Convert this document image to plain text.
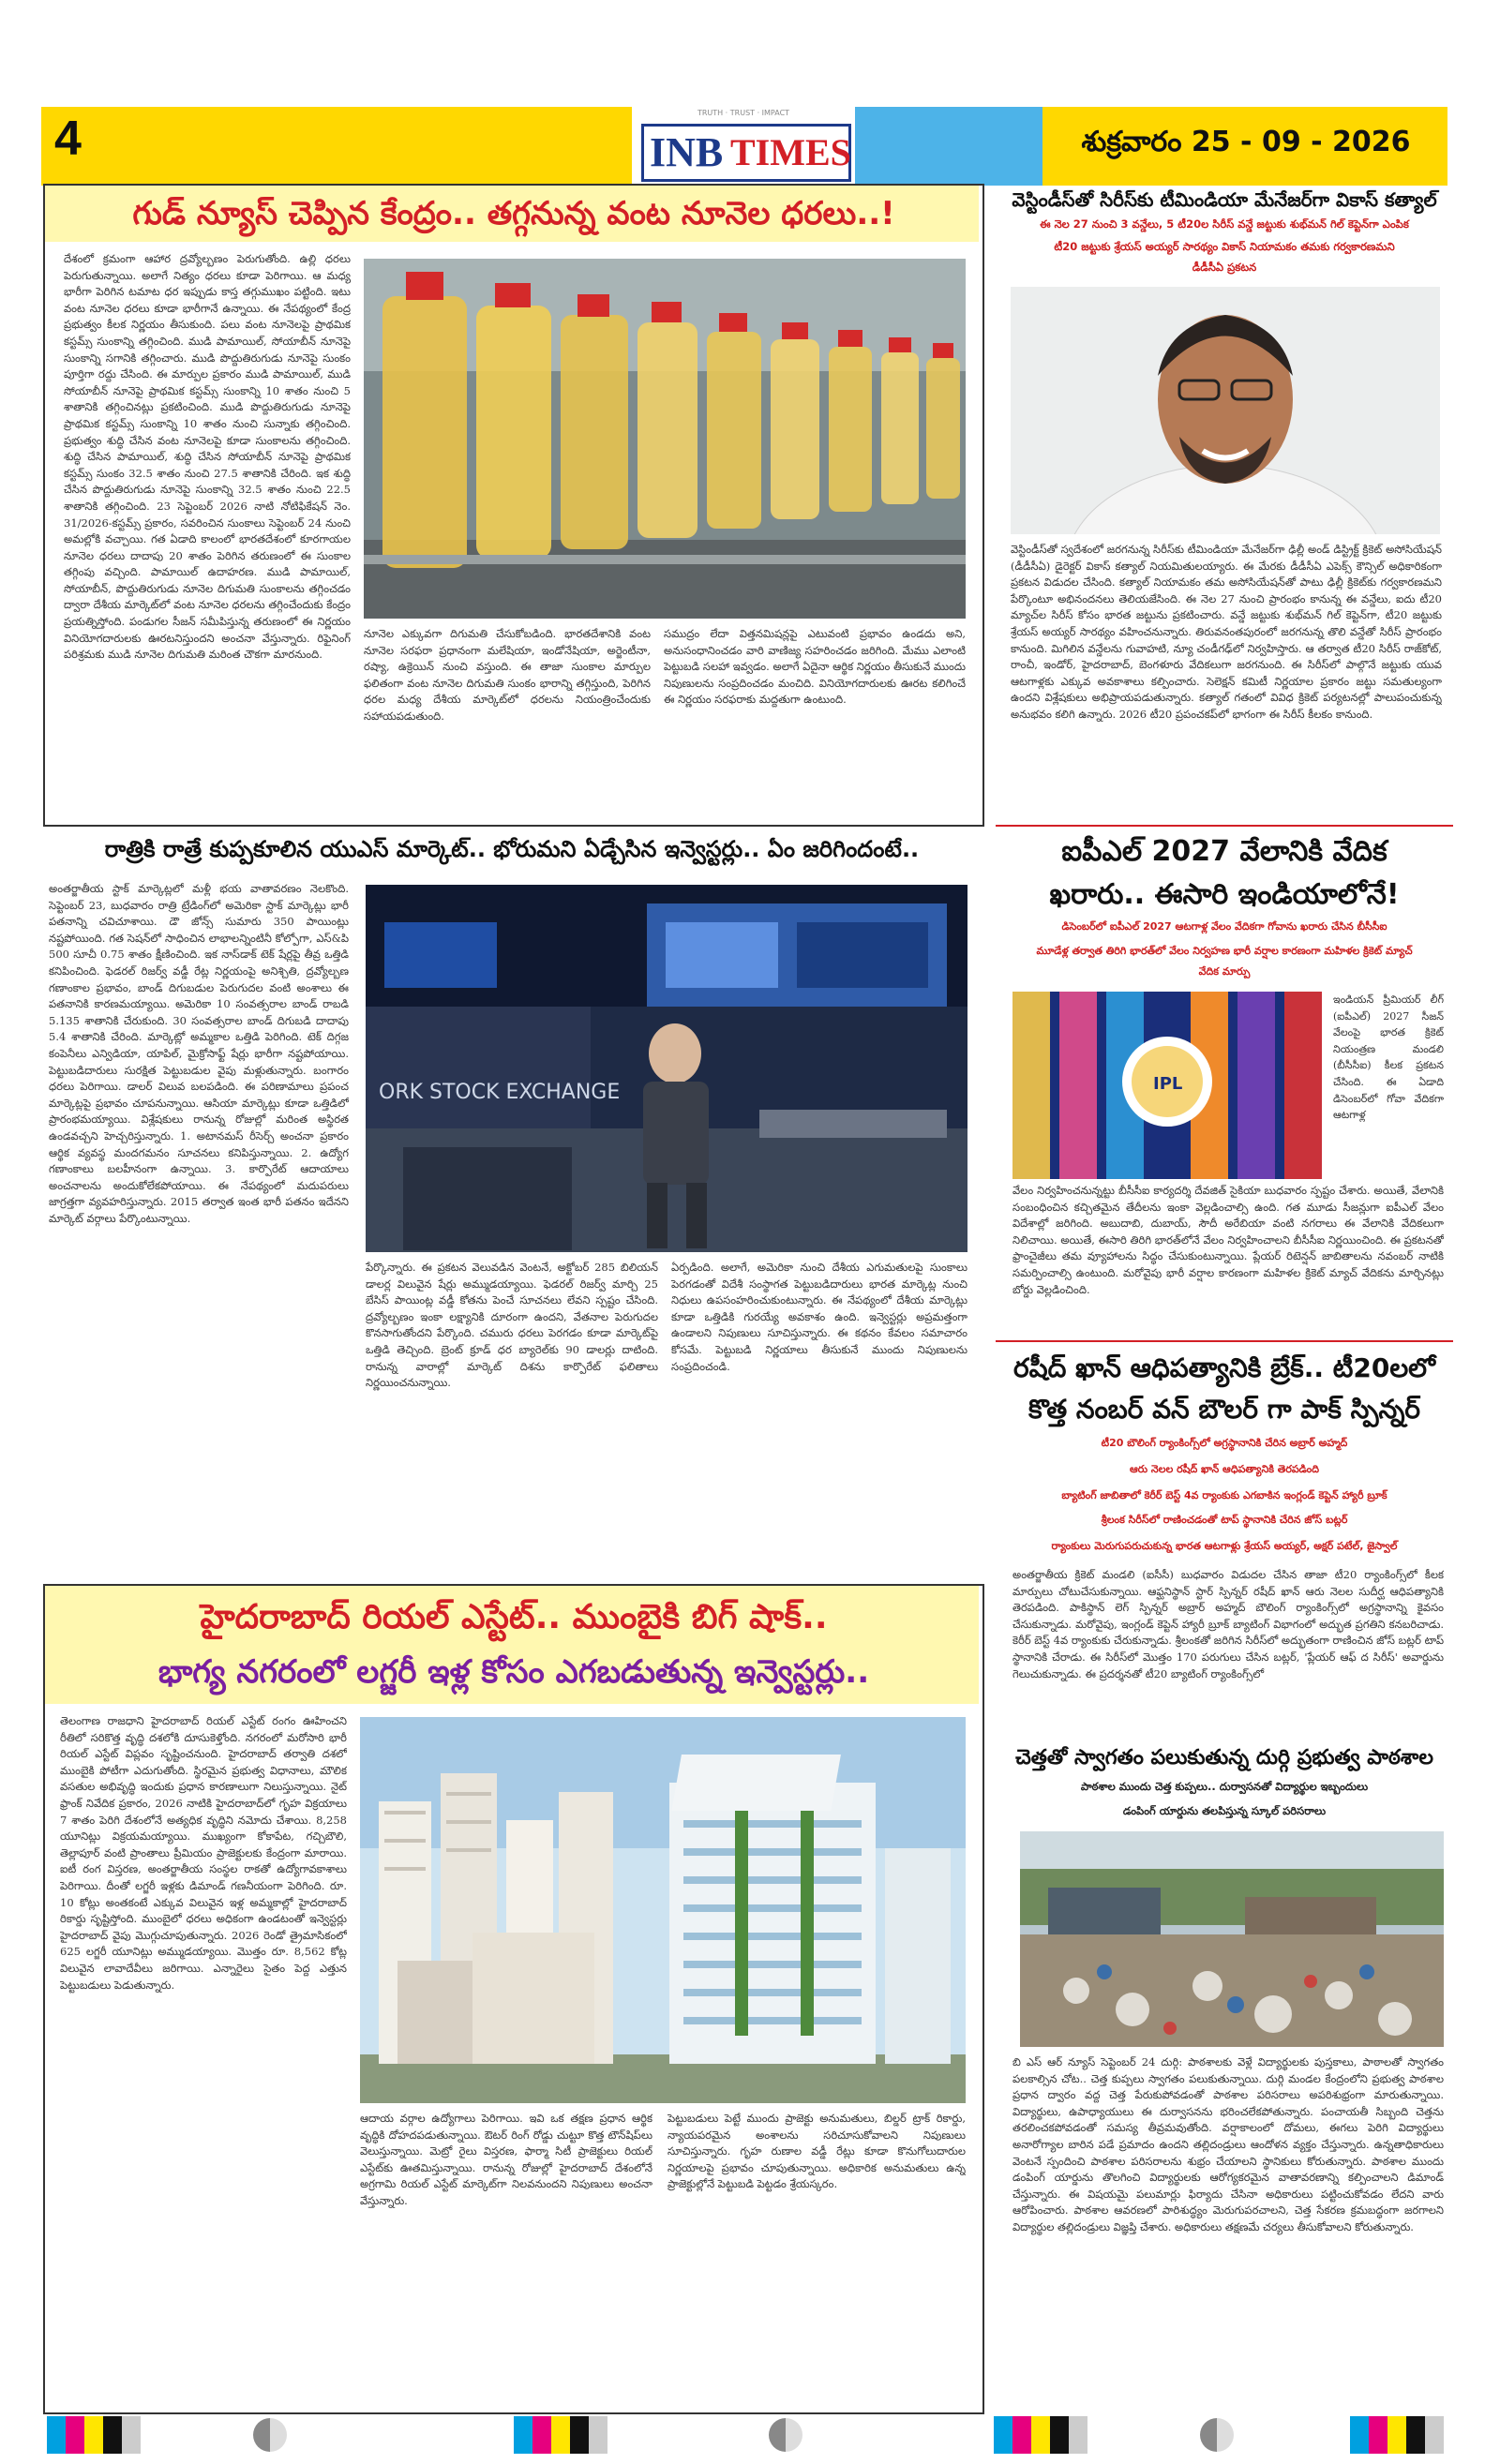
4	శుక్రవారం 25 - 09 - 2026
TRUTH · TRUST · IMPACT
INB TIMES
గుడ్ న్యూస్ చెప్పిన కేంద్రం.. తగ్గనున్న వంట నూనెల ధరలు..!
దేశంలో క్రమంగా ఆహార ద్రవ్యోల్బణం పెరుగుతోంది. ఉల్లి ధరలు పెరుగుతున్నాయి. అలాగే నిత్యం ధరలు కూడా పెరిగాయి. ఆ మధ్య భారీగా పెరిగిన టమాట ధర ఇప్పుడు కాస్త తగ్గుముఖం పట్టింది. ఇటు వంట నూనెల ధరలు కూడా భారీగానే ఉన్నాయి. ఈ నేపథ్యంలో కేంద్ర ప్రభుత్వం కీలక నిర్ణయం తీసుకుంది. పలు వంట నూనెలపై ప్రాథమిక కస్టమ్స్ సుంకాన్ని తగ్గించింది. ముడి పామాయిల్, సోయాబీన్ నూనెపై సుంకాన్ని సగానికి తగ్గించారు. ముడి పొద్దుతిరుగుడు నూనెపై సుంకం పూర్తిగా రద్దు చేసింది. ఈ మార్పుల ప్రకారం ముడి పామాయిల్, ముడి సోయాబీన్ నూనెపై ప్రాథమిక కస్టమ్స్ సుంకాన్ని 10 శాతం నుంచి 5 శాతానికి తగ్గించినట్లు ప్రకటించింది. ముడి పొద్దుతిరుగుడు నూనెపై ప్రాథమిక కస్టమ్స్ సుంకాన్ని 10 శాతం నుంచి సున్నాకు తగ్గించింది. ప్రభుత్వం శుద్ధి చేసిన వంట నూనెలపై కూడా సుంకాలను తగ్గించింది. శుద్ధి చేసిన పామాయిల్, శుద్ధి చేసిన సోయాబీన్ నూనెపై ప్రాథమిక కస్టమ్స్ సుంకం 32.5 శాతం నుంచి 27.5 శాతానికి చేరింది. ఇక శుద్ధి చేసిన పొద్దుతిరుగుడు నూనెపై సుంకాన్ని 32.5 శాతం నుంచి 22.5 శాతానికి తగ్గించింది. 23 సెప్టెంబర్ 2026 నాటి నోటిఫికేషన్ నెం. 31/2026-కస్టమ్స్ ప్రకారం, సవరించిన సుంకాలు సెప్టెంబర్ 24 నుంచి అమల్లోకి వచ్చాయి. గత ఏడాది కాలంలో భారతదేశంలో కూరగాయల నూనెల ధరలు దాదాపు 20 శాతం పెరిగిన తరుణంలో ఈ సుంకాల తగ్గింపు వచ్చింది. పామాయిల్ ఉదాహరణ. ముడి పామాయిల్, సోయాబీన్, పొద్దుతిరుగుడు నూనెల దిగుమతి సుంకాలను తగ్గించడం ద్వారా దేశీయ మార్కెట్‌లో వంట నూనెల ధరలను తగ్గించేందుకు కేంద్రం ప్రయత్నిస్తోంది. పండుగల సీజన్ సమీపిస్తున్న తరుణంలో ఈ నిర్ణయం వినియోగదారులకు ఊరటనిస్తుందని అంచనా వేస్తున్నారు. రిఫైనింగ్ పరిశ్రమకు ముడి నూనెల దిగుమతి మరింత చౌకగా మారనుంది.
నూనెల ఎక్కువగా దిగుమతి చేసుకోబడింది. భారతదేశానికి వంట నూనెల సరఫరా ప్రధానంగా మలేషియా, ఇండోనేషియా, అర్జెంటీనా, రష్యా, ఉక్రెయిన్ నుంచి వస్తుంది. ఈ తాజా సుంకాల మార్పుల ఫలితంగా వంట నూనెల దిగుమతి సుంకం భారాన్ని తగ్గిస్తుంది, పెరిగిన ధరల మధ్య దేశీయ మార్కెట్‌లో ధరలను నియంత్రించేందుకు సహాయపడుతుంది.
సముద్రం లేదా విత్తనమిషన్లపై ఎటువంటి ప్రభావం ఉండదు అని, అనుసంధానించడం వారి వాణిజ్య సహరించడం జరిగింది. మేము ఎలాంటి పెట్టుబడి సలహా ఇవ్వడం. అలాగే ఏదైనా ఆర్థిక నిర్ణయం తీసుకునే ముందు నిపుణులను సంప్రదించడం మంచిది. వినియోగదారులకు ఊరట కలిగించే ఈ నిర్ణయం సరఫరాకు మద్దతుగా ఉంటుంది.
వెస్టిండీస్‌తో సిరీస్‌కు టీమిండియా మేనేజర్‌గా వికాస్ కత్యాల్
ఈ నెల 27 నుంచి 3 వన్డేలు, 5 టీ20ల సిరీస్ వన్డే జట్టుకు శుభ్‌మన్ గిల్ కెప్టెన్‌గా ఎంపిక
టీ20 జట్టుకు శ్రేయస్ అయ్యర్ సారథ్యం వికాస్ నియామకం తమకు గర్వకారణమని
డీడీసీఏ ప్రకటన
వెస్టిండీస్‌తో స్వదేశంలో జరగనున్న సిరీస్‌కు టీమిండియా మేనేజర్‌గా ఢిల్లీ అండ్ డిస్ట్రిక్ట్ క్రికెట్ అసోసియేషన్ (డీడీసీఏ) డైరెక్టర్ వికాస్ కత్యాల్ నియమితులయ్యారు. ఈ మేరకు డీడీసీఏ ఎపెక్స్ కౌన్సిల్ అధికారికంగా ప్రకటన విడుదల చేసింది. కత్యాల్ నియామకం తమ అసోసియేషన్‌తో పాటు ఢిల్లీ క్రికెట్‌కు గర్వకారణమని పేర్కొంటూ అభినందనలు తెలియజేసింది. ఈ నెల 27 నుంచి ప్రారంభం కానున్న ఈ వన్డేలు, ఐదు టీ20 మ్యాచ్‌ల సిరీస్ కోసం భారత జట్టును ప్రకటించారు. వన్డే జట్టుకు శుభ్‌మన్ గిల్ కెప్టెన్‌గా, టీ20 జట్టుకు శ్రేయస్ అయ్యర్ సారథ్యం వహించనున్నారు. తిరువనంతపురంలో జరగనున్న తొలి వన్డేతో సిరీస్ ప్రారంభం కానుంది. మిగిలిన వన్డేలను గువాహటి, న్యూ చండీగఢ్‌లో నిర్వహిస్తారు. ఆ తర్వాత టీ20 సిరీస్ రాజ్‌కోట్, రాంచీ, ఇండోర్, హైదరాబాద్, బెంగళూరు వేదికలుగా జరగనుంది. ఈ సిరీస్‌లో పాల్గొనే జట్టుకు యువ ఆటగాళ్లకు ఎక్కువ అవకాశాలు కల్పించారు. సెలెక్షన్ కమిటీ నిర్ణయాల ప్రకారం జట్టు సమతుల్యంగా ఉందని విశ్లేషకులు అభిప్రాయపడుతున్నారు. కత్యాల్ గతంలో వివిధ క్రికెట్ పర్యటనల్లో పాలుపంచుకున్న అనుభవం కలిగి ఉన్నారు. 2026 టీ20 ప్రపంచకప్‌లో భాగంగా ఈ సిరీస్ కీలకం కానుంది.
రాత్రికి రాత్రే కుప్పకూలిన యుఎస్ మార్కెట్.. భోరుమని ఏడ్చేసిన ఇన్వెస్టర్లు.. ఏం జరిగిందంటే..
అంతర్జాతీయ స్టాక్ మార్కెట్లలో మళ్లీ భయ వాతావరణం నెలకొంది. సెప్టెంబర్ 23, బుధవారం రాత్రి ట్రేడింగ్‌లో అమెరికా స్టాక్ మార్కెట్లు భారీ పతనాన్ని చవిచూశాయి. డౌ జోన్స్ సుమారు 350 పాయింట్లు నష్టపోయింది. గత సెషన్‌లో సాధించిన లాభాలన్నింటినీ కోల్పోగా, ఎస్&పి 500 సూచీ 0.75 శాతం క్షీణించింది. ఇక నాస్‌డాక్ టెక్ షేర్లపై తీవ్ర ఒత్తిడి కనిపించింది. ఫెడరల్ రిజర్వ్ వడ్డీ రేట్ల నిర్ణయంపై అనిశ్చితి, ద్రవ్యోల్బణ గణాంకాల ప్రభావం, బాండ్ దిగుబడుల పెరుగుదల వంటి అంశాలు ఈ పతనానికి కారణమయ్యాయి. అమెరికా 10 సంవత్సరాల బాండ్ రాబడి 5.135 శాతానికి చేరుకుంది. 30 సంవత్సరాల బాండ్ దిగుబడి దాదాపు 5.4 శాతానికి చేరింది. మార్కెట్లో అమ్మకాల ఒత్తిడి పెరిగింది. టెక్ దిగ్గజ కంపెనీలు ఎన్విడియా, యాపిల్, మైక్రోసాఫ్ట్ షేర్లు భారీగా నష్టపోయాయి. పెట్టుబడిదారులు సురక్షిత పెట్టుబడుల వైపు మళ్లుతున్నారు. బంగారం ధరలు పెరిగాయి. డాలర్ విలువ బలపడింది. ఈ పరిణామాలు ప్రపంచ మార్కెట్లపై ప్రభావం చూపనున్నాయి. ఆసియా మార్కెట్లు కూడా ఒత్తిడిలో ప్రారంభమయ్యాయి. విశ్లేషకులు రానున్న రోజుల్లో మరింత అస్థిరత ఉండవచ్చని హెచ్చరిస్తున్నారు. 1. అటానమస్ రీసెర్చ్ అంచనా ప్రకారం ఆర్థిక వ్యవస్థ మందగమనం సూచనలు కనిపిస్తున్నాయి. 2. ఉద్యోగ గణాంకాలు బలహీనంగా ఉన్నాయి. 3. కార్పొరేట్ ఆదాయాలు అంచనాలను అందుకోలేకపోయాయి. ఈ నేపథ్యంలో మదుపరులు జాగ్రత్తగా వ్యవహరిస్తున్నారు. 2015 తర్వాత ఇంత భారీ పతనం ఇదేనని మార్కెట్ వర్గాలు పేర్కొంటున్నాయి.
ORK STOCK EXCHANGE
పేర్కొన్నారు. ఈ ప్రకటన వెలువడిన వెంటనే, అక్టోబర్ 285 బిలియన్ డాలర్ల విలువైన షేర్లు అమ్ముడయ్యాయి. ఫెడరల్ రిజర్వ్ మార్చి 25 బేసిస్ పాయింట్ల వడ్డీ కోతను పెంచే సూచనలు లేవని స్పష్టం చేసింది. ద్రవ్యోల్బణం ఇంకా లక్ష్యానికి దూరంగా ఉందని, వేతనాల పెరుగుదల కొనసాగుతోందని పేర్కొంది. చమురు ధరలు పెరగడం కూడా మార్కెట్‌పై ఒత్తిడి తెచ్చింది. బ్రెంట్ క్రూడ్ ధర బ్యారెల్‌కు 90 డాలర్లు దాటింది. రానున్న వారాల్లో మార్కెట్ దిశను కార్పొరేట్ ఫలితాలు నిర్ణయించనున్నాయి.
ఏర్పడింది. అలాగే, అమెరికా నుంచి దేశీయ ఎగుమతులపై సుంకాలు పెరగడంతో విదేశీ సంస్థాగత పెట్టుబడిదారులు భారత మార్కెట్ల నుంచి నిధులు ఉపసంహరించుకుంటున్నారు. ఈ నేపథ్యంలో దేశీయ మార్కెట్లు కూడా ఒత్తిడికి గురయ్యే అవకాశం ఉంది. ఇన్వెస్టర్లు అప్రమత్తంగా ఉండాలని నిపుణులు సూచిస్తున్నారు. ఈ కథనం కేవలం సమాచారం కోసమే. పెట్టుబడి నిర్ణయాలు తీసుకునే ముందు నిపుణులను సంప్రదించండి.
ఐపీఎల్ 2027 వేలానికి వేదిక
ఖరారు.. ఈసారి ఇండియాలోనే!
డిసెంబర్‌లో ఐపీఎల్ 2027 ఆటగాళ్ల వేలం వేదికగా గోవాను ఖరారు చేసిన బీసీసీఐ
మూడేళ్ల తర్వాత తిరిగి భారత్‌లో వేలం నిర్వహణ భారీ వర్షాల కారణంగా మహిళల క్రికెట్ మ్యాచ్
వేదిక మార్పు
IPL
ఇండియన్ ప్రీమియర్ లీగ్ (ఐపీఎల్) 2027 సీజన్ వేలంపై భారత క్రికెట్ నియంత్రణ మండలి (బీసీసీఐ) కీలక ప్రకటన చేసింది. ఈ ఏడాది డిసెంబర్‌లో గోవా వేదికగా ఆటగాళ్ల
వేలం నిర్వహించనున్నట్టు బీసీసీఐ కార్యదర్శి దేవజిత్ సైకియా బుధవారం స్పష్టం చేశారు. అయితే, వేలానికి సంబంధించిన కచ్చితమైన తేదీలను ఇంకా వెల్లడించాల్సి ఉంది. గత మూడు సీజన్లుగా ఐపీఎల్ వేలం విదేశాల్లో జరిగింది. అబుదాబి, దుబాయ్, సౌదీ అరేబియా వంటి నగరాలు ఈ వేలానికి వేదికలుగా నిలిచాయి. అయితే, ఈసారి తిరిగి భారత్‌లోనే వేలం నిర్వహించాలని బీసీసీఐ నిర్ణయించింది. ఈ ప్రకటనతో ఫ్రాంచైజీలు తమ వ్యూహాలను సిద్ధం చేసుకుంటున్నాయి. ప్లేయర్ రిటెన్షన్ జాబితాలను నవంబర్ నాటికి సమర్పించాల్సి ఉంటుంది. మరోవైపు భారీ వర్షాల కారణంగా మహిళల క్రికెట్ మ్యాచ్ వేదికను మార్చినట్లు బోర్డు వెల్లడించింది.
రషీద్ ఖాన్ ఆధిపత్యానికి బ్రేక్.. టీ20లలో
కొత్త నంబర్ వన్ బౌలర్ గా పాక్ స్పిన్నర్
టీ20 బౌలింగ్ ర్యాంకింగ్స్‌లో అగ్రస్థానానికి చేరిన అబ్రార్ అహ్మద్
ఆరు నెలల రషీద్ ఖాన్ ఆధిపత్యానికి తెరపడింది
బ్యాటింగ్ జాబితాలో కెరీర్ బెస్ట్ 4వ ర్యాంకుకు ఎగబాకిన ఇంగ్లండ్ కెప్టెన్ హ్యారీ బ్రూక్
శ్రీలంక సిరీస్‌లో రాణించడంతో టాప్ స్థానానికి చేరిన జోస్ బట్లర్
ర్యాంకులు మెరుగుపరుచుకున్న భారత ఆటగాళ్లు శ్రేయస్ అయ్యర్, అక్షర్ పటేల్, జైస్వాల్
అంతర్జాతీయ క్రికెట్ మండలి (ఐసీసీ) బుధవారం విడుదల చేసిన తాజా టీ20 ర్యాంకింగ్స్‌లో కీలక మార్పులు చోటుచేసుకున్నాయి. ఆఫ్ఘనిస్థాన్ స్టార్ స్పిన్నర్ రషీద్ ఖాన్ ఆరు నెలల సుదీర్ఘ ఆధిపత్యానికి తెరపడింది. పాకిస్థాన్ లెగ్ స్పిన్నర్ అబ్రార్ అహ్మద్ బౌలింగ్ ర్యాంకింగ్స్‌లో అగ్రస్థానాన్ని కైవసం చేసుకున్నాడు. మరోవైపు, ఇంగ్లండ్ కెప్టెన్ హ్యారీ బ్రూక్ బ్యాటింగ్ విభాగంలో అద్భుత ప్రగతిని కనబరిచాడు. కెరీర్ బెస్ట్ 4వ ర్యాంకుకు చేరుకున్నాడు. శ్రీలంకతో జరిగిన సిరీస్‌లో అద్భుతంగా రాణించిన జోస్ బట్లర్ టాప్ స్థానానికి చేరాడు. ఈ సిరీస్‌లో మొత్తం 170 పరుగులు చేసిన బట్లర్, 'ప్లేయర్ ఆఫ్ ద సిరీస్' అవార్డును గెలుచుకున్నాడు. ఈ ప్రదర్శనతో టీ20 బ్యాటింగ్ ర్యాంకింగ్స్‌లో
చెత్తతో స్వాగతం పలుకుతున్న దుర్గి ప్రభుత్వ పాఠశాల
పాఠశాల ముందు చెత్త కుప్పలు.. దుర్వాసనతో విద్యార్థుల ఇబ్బందులు
డంపింగ్ యార్డును తలపిస్తున్న స్కూల్ పరిసరాలు
బి ఎస్ ఆర్ న్యూస్ సెప్టెంబర్ 24 దుర్గి: పాఠశాలకు వెళ్లే విద్యార్థులకు పుస్తకాలు, పాఠాలతో స్వాగతం పలకాల్సిన చోట.. చెత్త కుప్పలు స్వాగతం పలుకుతున్నాయి. దుర్గి మండల కేంద్రంలోని ప్రభుత్వ పాఠశాల ప్రధాన ద్వారం వద్ద చెత్త పేరుకుపోవడంతో పాఠశాల పరిసరాలు అపరిశుభ్రంగా మారుతున్నాయి. విద్యార్థులు, ఉపాధ్యాయులు ఈ దుర్వాసనను భరించలేకపోతున్నారు. పంచాయతీ సిబ్బంది చెత్తను తరలించకపోవడంతో సమస్య తీవ్రమవుతోంది. వర్షాకాలంలో దోమలు, ఈగలు పెరిగి విద్యార్థులు అనారోగ్యాల బారిన పడే ప్రమాదం ఉందని తల్లిదండ్రులు ఆందోళన వ్యక్తం చేస్తున్నారు. ఉన్నతాధికారులు వెంటనే స్పందించి పాఠశాల పరిసరాలను శుభ్రం చేయాలని స్థానికులు కోరుతున్నారు. పాఠశాల ముందు డంపింగ్ యార్డును తొలగించి విద్యార్థులకు ఆరోగ్యకరమైన వాతావరణాన్ని కల్పించాలని డిమాండ్ చేస్తున్నారు. ఈ విషయమై పలుమార్లు ఫిర్యాదు చేసినా అధికారులు పట్టించుకోవడం లేదని వారు ఆరోపించారు. పాఠశాల ఆవరణలో పారిశుద్ధ్యం మెరుగుపరచాలని, చెత్త సేకరణ క్రమబద్ధంగా జరగాలని విద్యార్థుల తల్లిదండ్రులు విజ్ఞప్తి చేశారు. అధికారులు తక్షణమే చర్యలు తీసుకోవాలని కోరుతున్నారు.
హైదరాబాద్ రియల్ ఎస్టేట్.. ముంబైకి బిగ్ షాక్..
భాగ్య నగరంలో లగ్జరీ ఇళ్ల కోసం ఎగబడుతున్న ఇన్వెస్టర్లు..
తెలంగాణ రాజధాని హైదరాబాద్ రియల్ ఎస్టేట్ రంగం ఊహించని రీతిలో సరికొత్త వృద్ధి దశలోకి దూసుకెళ్తోంది. నగరంలో మరోసారి భారీ రియల్ ఎస్టేట్ విప్లవం సృష్టించనుంది. హైదరాబాద్ తర్వాతి దశలో ముంబైకి పోటీగా ఎదుగుతోంది. స్థిరమైన ప్రభుత్వ విధానాలు, మౌలిక వసతుల అభివృద్ధి ఇందుకు ప్రధాన కారణాలుగా నిలుస్తున్నాయి. నైట్ ఫ్రాంక్ నివేదిక ప్రకారం, 2026 నాటికి హైదరాబాద్‌లో గృహ విక్రయాలు 7 శాతం పెరిగి దేశంలోనే అత్యధిక వృద్ధిని నమోదు చేశాయి. 8,258 యూనిట్లు విక్రయమయ్యాయి. ముఖ్యంగా కోకాపేట, గచ్చిబౌలి, తెల్లాపూర్ వంటి ప్రాంతాలు ప్రీమియం ప్రాజెక్టులకు కేంద్రంగా మారాయి. ఐటీ రంగ విస్తరణ, అంతర్జాతీయ సంస్థల రాకతో ఉద్యోగావకాశాలు పెరిగాయి. దీంతో లగ్జరీ ఇళ్లకు డిమాండ్ గణనీయంగా పెరిగింది. రూ. 10 కోట్లు అంతకంటే ఎక్కువ విలువైన ఇళ్ల అమ్మకాల్లో హైదరాబాద్ రికార్డు సృష్టిస్తోంది. ముంబైలో ధరలు అధికంగా ఉండటంతో ఇన్వెస్టర్లు హైదరాబాద్ వైపు మొగ్గుచూపుతున్నారు. 2026 రెండో త్రైమాసికంలో 625 లగ్జరీ యూనిట్లు అమ్ముడయ్యాయి. మొత్తం రూ. 8,562 కోట్ల విలువైన లావాదేవీలు జరిగాయి. ఎన్నారైలు సైతం పెద్ద ఎత్తున పెట్టుబడులు పెడుతున్నారు.
ఆదాయ వర్గాల ఉద్యోగాలు పెరిగాయి. ఇవి ఒక తక్షణ ప్రధాన ఆర్థిక వృద్ధికి దోహదపడుతున్నాయి. ఔటర్ రింగ్ రోడ్డు చుట్టూ కొత్త టౌన్‌షిప్‌లు వెలుస్తున్నాయి. మెట్రో రైలు విస్తరణ, ఫార్మా సిటీ ప్రాజెక్టులు రియల్ ఎస్టేట్‌కు ఊతమిస్తున్నాయి. రానున్న రోజుల్లో హైదరాబాద్ దేశంలోనే అగ్రగామి రియల్ ఎస్టేట్ మార్కెట్‌గా నిలవనుందని నిపుణులు అంచనా వేస్తున్నారు.
పెట్టుబడులు పెట్టే ముందు ప్రాజెక్టు అనుమతులు, బిల్డర్ ట్రాక్ రికార్డు, న్యాయపరమైన అంశాలను సరిచూసుకోవాలని నిపుణులు సూచిస్తున్నారు. గృహ రుణాల వడ్డీ రేట్లు కూడా కొనుగోలుదారుల నిర్ణయాలపై ప్రభావం చూపుతున్నాయి. అధికారిక అనుమతులు ఉన్న ప్రాజెక్టుల్లోనే పెట్టుబడి పెట్టడం శ్రేయస్కరం.
